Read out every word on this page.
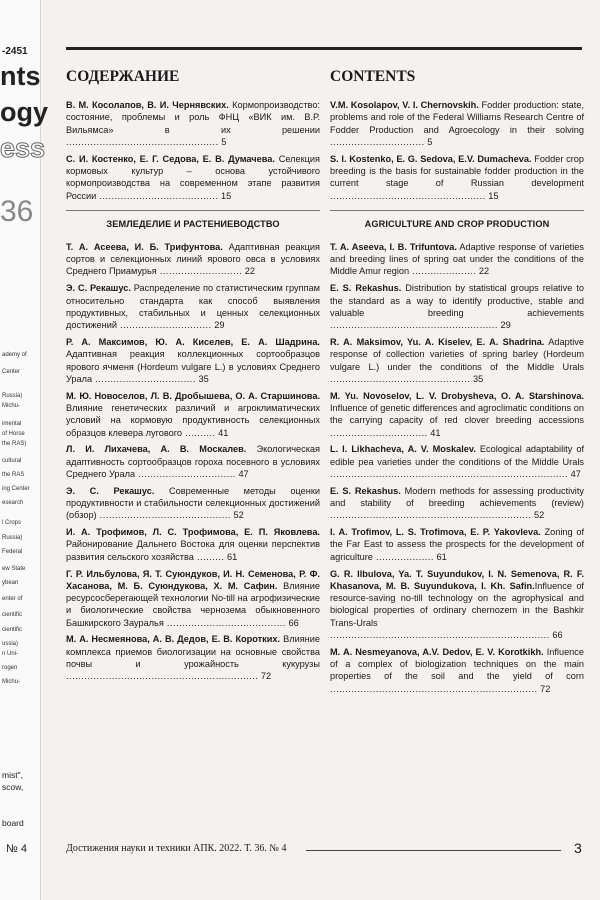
-2451
nts
ogy
ess
36
ademy of
Center
Russia)
Michu-
imental
of Horse
the RAS)
cultural
the RAS
ing Center
esearch
l Crops
Russia)
Federal
ew State
ybean
enter of
cientific
cientific
ussia)
n Uni-
rogen
Michu-
mist",
scow,
board
№ 4
СОДЕРЖАНИЕ
В. М. Косолапов, В. И. Чернявских. Кормопроизводство: состояние, проблемы и роль ФНЦ «ВИК им. В.Р. Вильямса» в их решении .................................................. 5
С. И. Костенко, Е. Г. Седова, Е. В. Думачева. Селекция кормовых культур – основа устойчивого кормопроизводства на современном этапе развития России ....................................... 15
ЗЕМЛЕДЕЛИЕ И РАСТЕНИЕВОДСТВО
Т. А. Асеева, И. Б. Трифунтова. Адаптивная реакция сортов и селекционных линий ярового овса в условиях Среднего Приамурья ........................... 22
Э. С. Рекашус. Распределение по статистическим группам относительно стандарта как способ выявления продуктивных, стабильных и ценных селекционных достижений .............................. 29
Р. А. Максимов, Ю. А. Киселев, Е. А. Шадрина. Адаптивная реакция коллекционных сортообразцов ярового ячменя (Hordeum vulgare L.) в условиях Среднего Урала ................................. 35
М. Ю. Новоселов, Л. В. Дробышева, О. А. Старшинова. Влияние генетических различий и агроклиматических условий на кормовую продуктивность селекционных образцов клевера лугового .......... 41
Л. И. Лихачева, А. В. Москалев. Экологическая адаптивность сортообразцов гороха посевного в условиях Среднего Урала ................................ 47
Э. С. Рекашус. Современные методы оценки продуктивности и стабильности селекционных достижений (обзор) ........................................... 52
И. А. Трофимов, Л. С. Трофимова, Е. П. Яковлева. Районирование Дальнего Востока для оценки перспектив развития сельского хозяйства ......... 61
Г. Р. Ильбулова, Я. Т. Суюндуков, И. Н. Семенова, Р. Ф. Хасанова, М. Б. Суюндукова, Х. М. Сафин. Влияние ресурсосберегающей технологии No-till на агрофизические и биологические свойства чернозема обыкновенного Башкирского Зауралья ....................................... 66
М. А. Несмеянова, А. В. Дедов, Е. В. Коротких. Влияние комплекса приемов биологизации на основные свойства почвы и урожайность кукурузы ............................................................... 72
CONTENTS
V.M. Kosolapov, V. I. Chernovskih. Fodder production: state, problems and role of the Federal Williams Research Centre of Fodder Production and Agroecology in their solving ............................... 5
S. I. Kostenko, E. G. Sedova, E.V. Dumacheva. Fodder crop breeding is the basis for sustainable fodder production in the current stage of Russian development ................................................... 15
AGRICULTURE AND CROP PRODUCTION
T. A. Aseeva, I. B. Trifuntova. Adaptive response of varieties and breeding lines of spring oat under the conditions of the Middle Amur region ..................... 22
E. S. Rekashus. Distribution by statistical groups relative to the standard as a way to identify productive, stable and valuable breeding achievements ....................................................... 29
R. A. Maksimov, Yu. A. Kiselev, E. A. Shadrina. Adaptive response of collection varieties of spring barley (Hordeum vulgare L.) under the conditions of the Middle Urals .............................................. 35
M. Yu. Novoselov, L. V. Drobysheva, O. A. Starshinova. Influence of genetic differences and agroclimatic conditions on the carrying capacity of red clover breeding accessions ................................ 41
L. I. Likhacheva, A. V. Moskalev. Ecological adaptability of edible pea varieties under the conditions of the Middle Urals .............................................................................. 47
E. S. Rekashus. Modern methods for assessing productivity and stability of breeding achievements (review) .................................................................. 52
I. A. Trofimov, L. S. Trofimova, E. P. Yakovleva. Zoning of the Far East to assess the prospects for the development of agriculture ................... 61
G. R. Ilbulova, Ya. T. Suyundukov, I. N. Semenova, R. F. Khasanova, M. B. Suyundukova, I. Kh. Safin.Influence of resource-saving no-till technology on the agrophysical and biological properties of ordinary chernozem in the Bashkir Trans-Urals ........................................................................ 66
M. A. Nesmeyanova, A.V. Dedov, E. V. Korotkikh. Influence of a complex of biologization techniques on the main properties of the soil and the yield of corn .................................................................... 72
Достижения науки и техники АПК. 2022. Т. 36. № 4	3
